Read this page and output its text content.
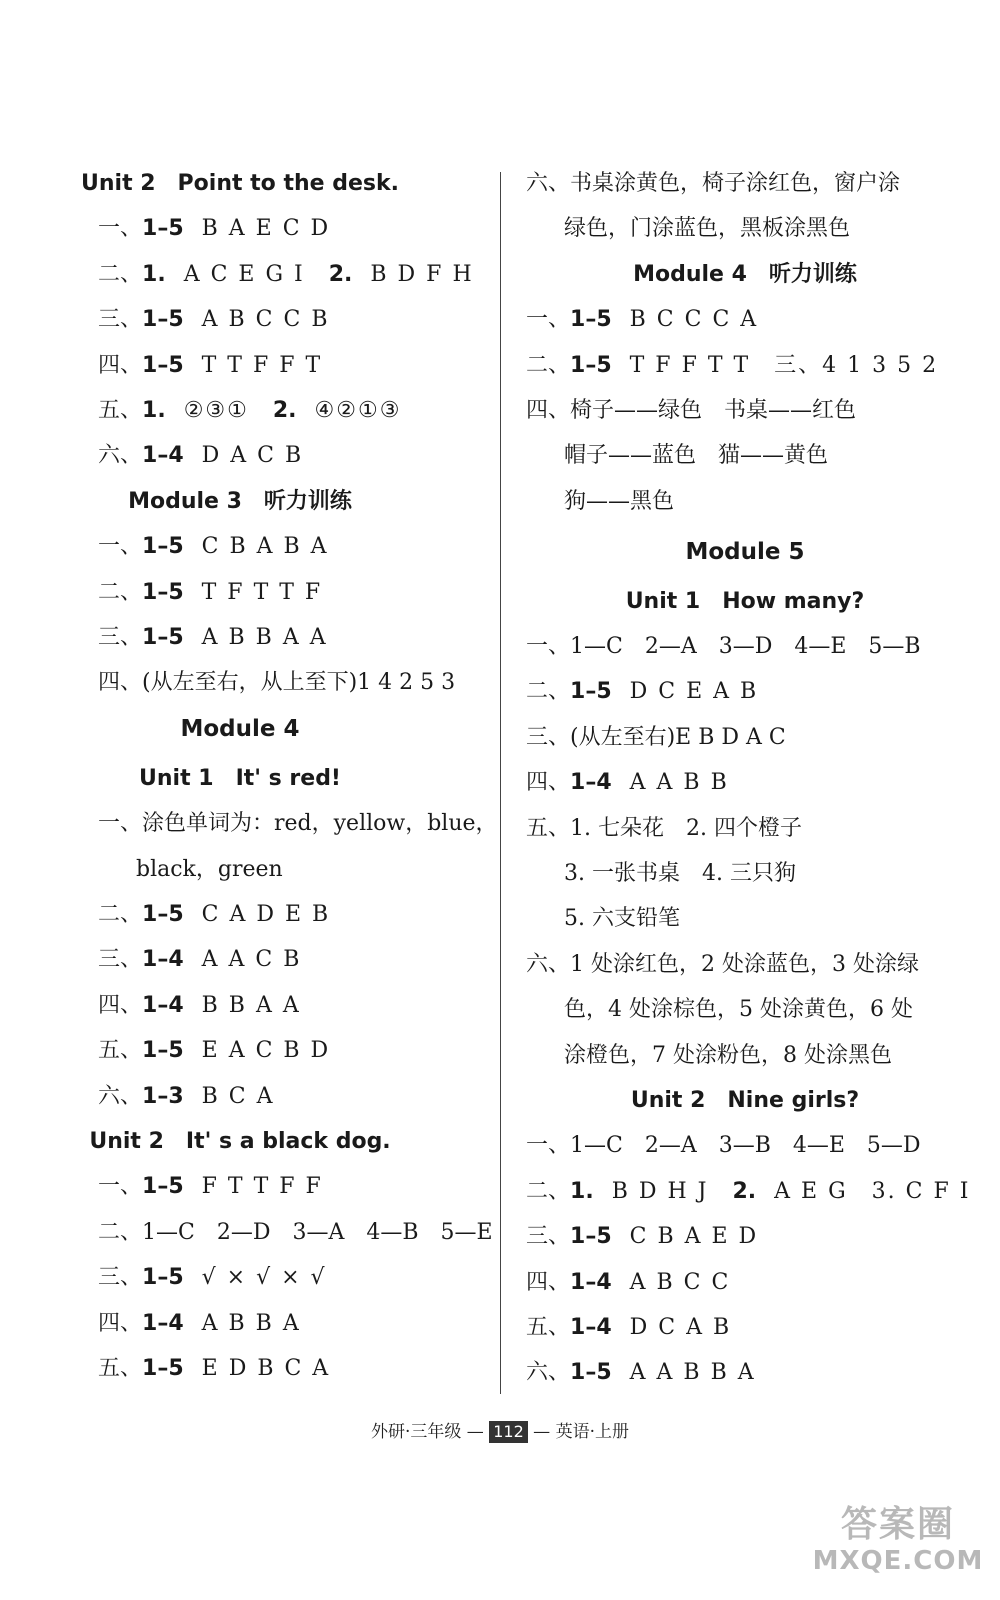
Unit 2　Point to the desk.
一、1–5 B A E C D
二、1. A C E G I　2. B D F H
三、1–5 A B C C B
四、1–5 T T F F T
五、1. ②③①　2. ④②①③
六、1–4 D A C B
Module 3　听力训练
一、1–5 C B A B A
二、1–5 T F T T F
三、1–5 A B B A A
四、(从左至右，从上至下)1 4 2 5 3
Module 4
Unit 1　It' s red!
一、涂色单词为：red，yellow，blue，
black，green
二、1–5 C A D E B
三、1–4 A A C B
四、1–4 B B A A
五、1–5 E A C B D
六、1–3 B C A
Unit 2　It' s a black dog.
一、1–5 F T T F F
二、1—C　2—D　3—A　4—B　5—E
三、1–5 √ × √ × √
四、1–4 A B B A
五、1–5 E D B C A
六、书桌涂黄色，椅子涂红色，窗户涂
绿色，门涂蓝色，黑板涂黑色
Module 4　听力训练
一、1–5 B C C C A
二、1–5 T F F T T　三、4 1 3 5 2
四、椅子——绿色　书桌——红色
帽子——蓝色　猫——黄色
狗——黑色
Module 5
Unit 1　How many?
一、1—C　2—A　3—D　4—E　5—B
二、1–5 D C E A B
三、(从左至右)E B D A C
四、1–4 A A B B
五、1. 七朵花　2. 四个橙子
3. 一张书桌　4. 三只狗
5. 六支铅笔
六、1 处涂红色，2 处涂蓝色，3 处涂绿
色，4 处涂棕色，5 处涂黄色，6 处
涂橙色，7 处涂粉色，8 处涂黑色
Unit 2　Nine girls?
一、1—C　2—A　3—B　4—E　5—D
二、1. B D H J　2. A E G　3. C F I
三、1–5 C B A E D
四、1–4 A B C C
五、1–4 D C A B
六、1–5 A A B B A
外研·三年级 — 112 — 英语·上册
答案圈
MXQE.COM
